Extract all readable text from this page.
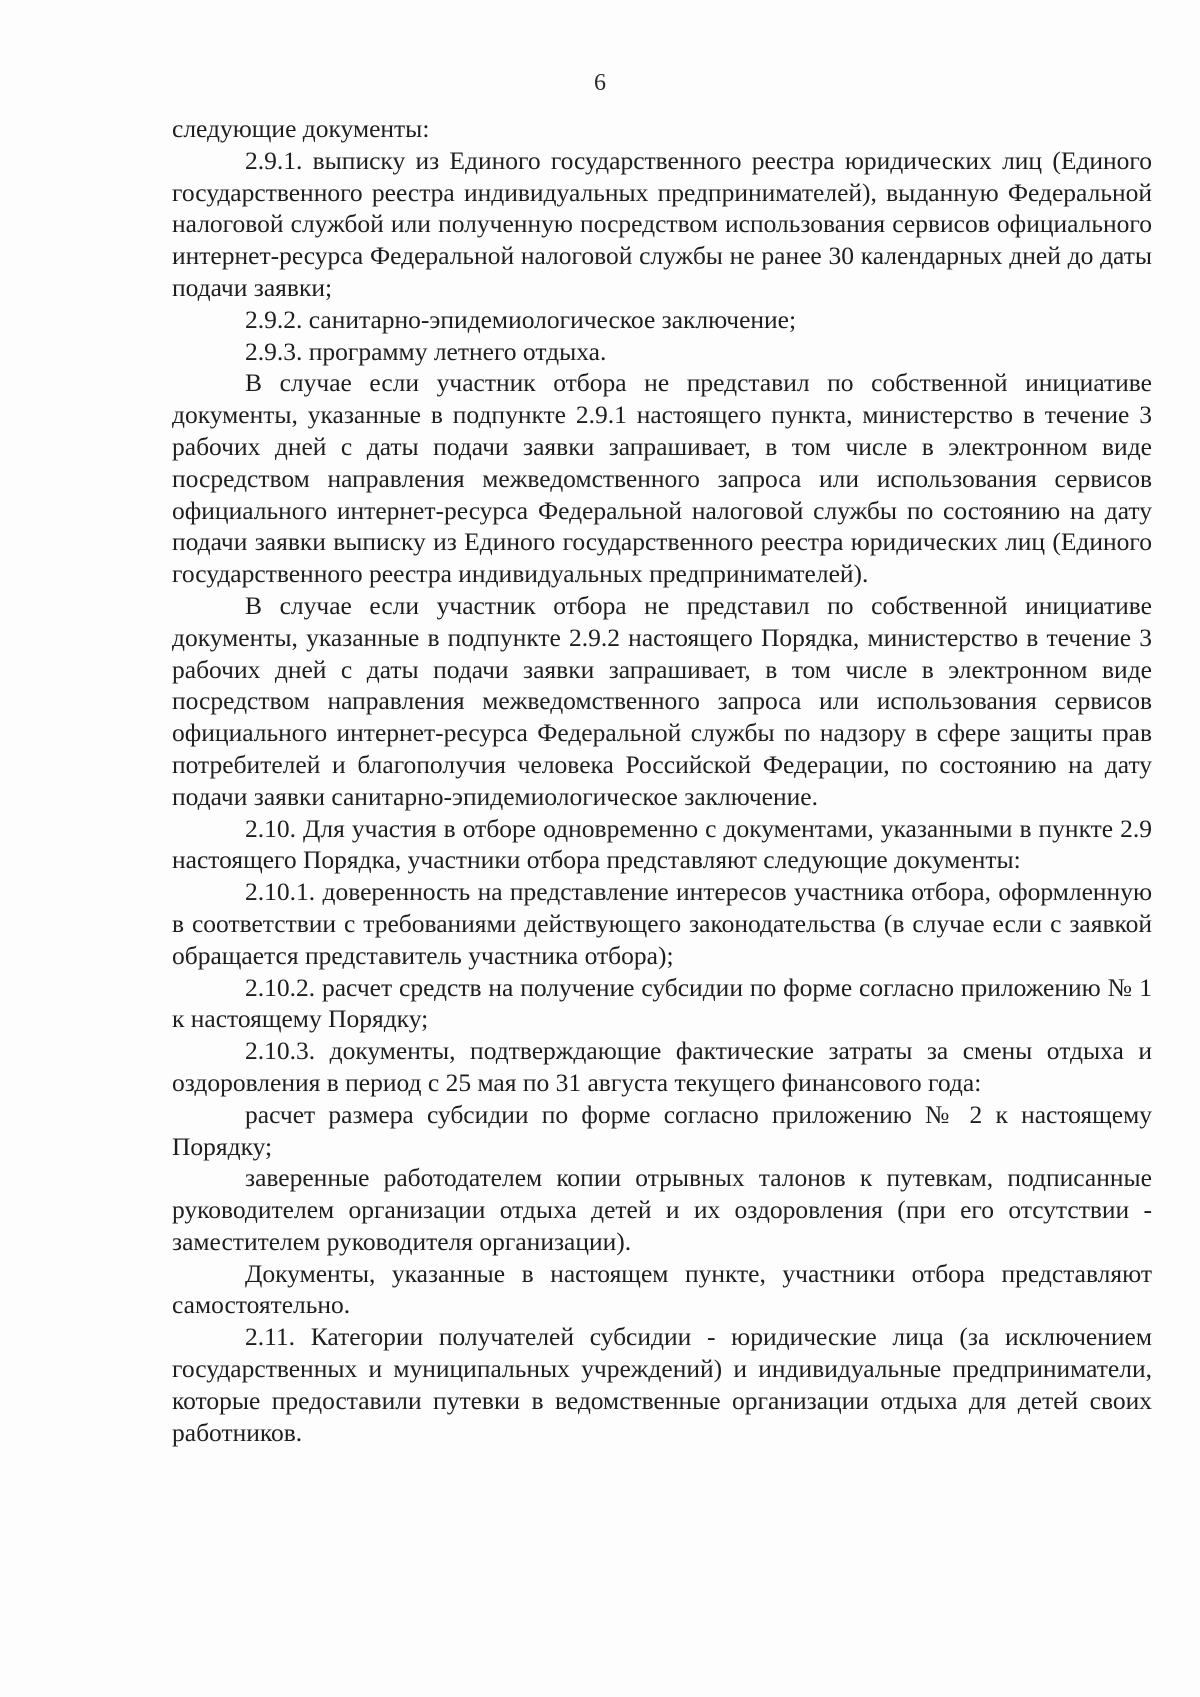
6

следующие документы:

2.9.1. выписку из Единого государственного реестра юридических лиц (Единого государственного реестра индивидуальных предпринимателей), выданную Федеральной налоговой службой или полученную посредством использования сервисов официального интернет-ресурса Федеральной налоговой службы не ранее 30 календарных дней до даты подачи заявки;

2.9.2. санитарно-эпидемиологическое заключение;

2.9.3. программу летнего отдыха.

В случае если участник отбора не представил по собственной инициативе документы, указанные в подпункте 2.9.1 настоящего пункта, министерство в течение 3 рабочих дней с даты подачи заявки запрашивает, в том числе в электронном виде посредством направления межведомственного запроса или использования сервисов официального интернет-ресурса Федеральной налоговой службы по состоянию на дату подачи заявки выписку из Единого государственного реестра юридических лиц (Единого государственного реестра индивидуальных предпринимателей).

В случае если участник отбора не представил по собственной инициативе документы, указанные в подпункте 2.9.2 настоящего Порядка, министерство в течение 3 рабочих дней с даты подачи заявки запрашивает, в том числе в электронном виде посредством направления межведомственного запроса или использования сервисов официального интернет-ресурса Федеральной службы по надзору в сфере защиты прав потребителей и благополучия человека Российской Федерации, по состоянию на дату подачи заявки санитарно-эпидемиологическое заключение.

2.10. Для участия в отборе одновременно с документами, указанными в пункте 2.9 настоящего Порядка, участники отбора представляют следующие документы:

2.10.1. доверенность на представление интересов участника отбора, оформленную в соответствии с требованиями действующего законодательства (в случае если с заявкой обращается представитель участника отбора);

2.10.2. расчет средств на получение субсидии по форме согласно приложению № 1 к настоящему Порядку;

2.10.3. документы, подтверждающие фактические затраты за смены отдыха и оздоровления в период с 25 мая по 31 августа текущего финансового года:

расчет размера субсидии по форме согласно приложению № 2 к настоящему Порядку;

заверенные работодателем копии отрывных талонов к путевкам, подписанные руководителем организации отдыха детей и их оздоровления (при его отсутствии - заместителем руководителя организации).

Документы, указанные в настоящем пункте, участники отбора представляют самостоятельно.

2.11. Категории получателей субсидии - юридические лица (за исключением государственных и муниципальных учреждений) и индивидуальные предприниматели, которые предоставили путевки в ведомственные организации отдыха для детей своих работников.
